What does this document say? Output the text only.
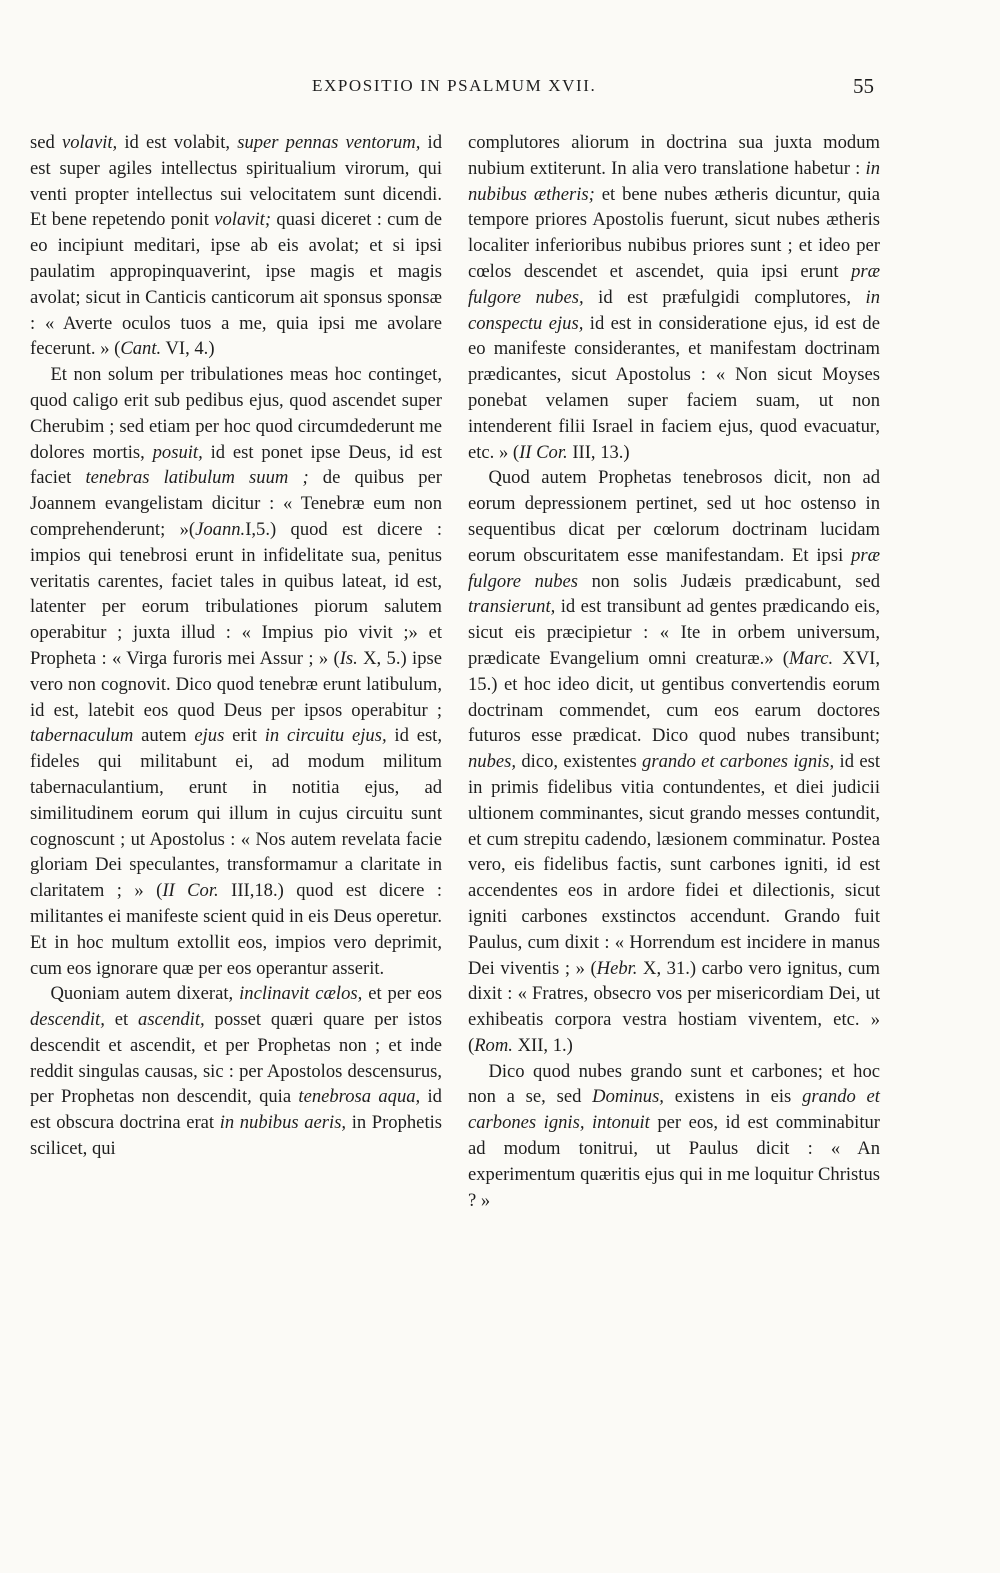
EXPOSITIO IN PSALMUM XVII.	55

sed volavit, id est volabit, super pennas ventorum, id est super agiles intellectus spiritualium virorum, qui venti propter intellectus sui velocitatem sunt dicendi. Et bene repetendo ponit volavit; quasi diceret : cum de eo incipiunt meditari, ipse ab eis avolat; et si ipsi paulatim appropinquaverint, ipse magis et magis avolat; sicut in Canticis canticorum ait sponsus sponsæ : « Averte oculos tuos a me, quia ipsi me avolare fecerunt. » (Cant. VI, 4.)

Et non solum per tribulationes meas hoc continget, quod caligo erit sub pedibus ejus, quod ascendet super Cherubim ; sed etiam per hoc quod circumdederunt me dolores mortis, posuit, id est ponet ipse Deus, id est faciet tenebras latibulum suum ; de quibus per Joannem evangelistam dicitur : « Tenebræ eum non comprehenderunt; »(Joann.I,5.) quod est dicere : impios qui tenebrosi erunt in infidelitate sua, penitus veritatis carentes, faciet tales in quibus lateat, id est, latenter per eorum tribulationes piorum salutem operabitur ; juxta illud : « Impius pio vivit ;» et Propheta : « Virga furoris mei Assur ; » (Is. X, 5.) ipse vero non cognovit. Dico quod tenebræ erunt latibulum, id est, latebit eos quod Deus per ipsos operabitur ; tabernaculum autem ejus erit in circuitu ejus, id est, fideles qui militabunt ei, ad modum militum tabernaculantium, erunt in notitia ejus, ad similitudinem eorum qui illum in cujus circuitu sunt cognoscunt ; ut Apostolus : « Nos autem revelata facie gloriam Dei speculantes, transformamur a claritate in claritatem ; » (II Cor. III,18.) quod est dicere : militantes ei manifeste scient quid in eis Deus operetur. Et in hoc multum extollit eos, impios vero deprimit, cum eos ignorare quæ per eos operantur asserit.

Quoniam autem dixerat, inclinavit cælos, et per eos descendit, et ascendit, posset quæri quare per istos descendit et ascendit, et per Prophetas non ; et inde reddit singulas causas, sic : per Apostolos descensurus, per Prophetas non descendit, quia tenebrosa aqua, id est obscura doctrina erat in nubibus aeris, in Prophetis scilicet, qui

complutores aliorum in doctrina sua juxta modum nubium extiterunt. In alia vero translatione habetur : in nubibus ætheris; et bene nubes ætheris dicuntur, quia tempore priores Apostolis fuerunt, sicut nubes ætheris localiter inferioribus nubibus priores sunt ; et ideo per cœlos descendet et ascendet, quia ipsi erunt præ fulgore nubes, id est præfulgidi complutores, in conspectu ejus, id est in consideratione ejus, id est de eo manifeste considerantes, et manifestam doctrinam prædicantes, sicut Apostolus : « Non sicut Moyses ponebat velamen super faciem suam, ut non intenderent filii Israel in faciem ejus, quod evacuatur, etc. » (II Cor. III, 13.)

Quod autem Prophetas tenebrosos dicit, non ad eorum depressionem pertinet, sed ut hoc ostenso in sequentibus dicat per cœlorum doctrinam lucidam eorum obscuritatem esse manifestandam. Et ipsi præ fulgore nubes non solis Judæis prædicabunt, sed transierunt, id est transibunt ad gentes prædicando eis, sicut eis præcipietur : « Ite in orbem universum, prædicate Evangelium omni creaturæ.» (Marc. XVI, 15.) et hoc ideo dicit, ut gentibus convertendis eorum doctrinam commendet, cum eos earum doctores futuros esse prædicat. Dico quod nubes transibunt; nubes, dico, existentes grando et carbones ignis, id est in primis fidelibus vitia contundentes, et diei judicii ultionem comminantes, sicut grando messes contundit, et cum strepitu cadendo, læsionem comminatur. Postea vero, eis fidelibus factis, sunt carbones igniti, id est accendentes eos in ardore fidei et dilectionis, sicut igniti carbones exstinctos accendunt. Grando fuit Paulus, cum dixit : « Horrendum est incidere in manus Dei viventis ; » (Hebr. X, 31.) carbo vero ignitus, cum dixit : « Fratres, obsecro vos per misericordiam Dei, ut exhibeatis corpora vestra hostiam viventem, etc. » (Rom. XII, 1.)

Dico quod nubes grando sunt et carbones; et hoc non a se, sed Dominus, existens in eis grando et carbones ignis, intonuit per eos, id est comminabitur ad modum tonitrui, ut Paulus dicit : « An experimentum quæritis ejus qui in me loquitur Christus ? »
